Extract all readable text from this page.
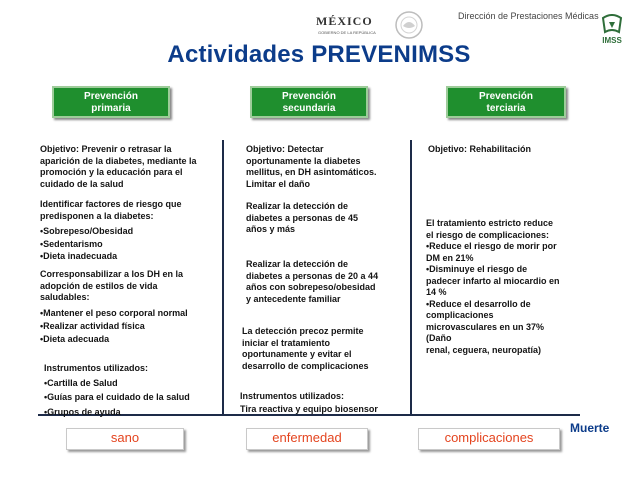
MÉXICO
GOBIERNO DE LA REPÚBLICA
Dirección de Prestaciones Médicas
IMSS
Actividades PREVENIMSS
Prevención
primaria
Prevención
secundaria
Prevención
terciaria
Objetivo: Prevenir o retrasar la
aparición de la diabetes, mediante la
promoción y la educación para el
cuidado de la salud
Identificar factores de riesgo que
predisponen a la diabetes:
•Sobrepeso/Obesidad
•Sedentarismo
•Dieta inadecuada
Corresponsabilizar a los DH en la
adopción de estilos de vida
saludables:
•Mantener el peso corporal normal
•Realizar actividad física
•Dieta adecuada
Instrumentos utilizados:
•Cartilla de Salud
•Guías para el cuidado de la salud
•Grupos de ayuda
Objetivo: Detectar
oportunamente la diabetes
mellitus, en DH asintomáticos.
Limitar el daño
Realizar la detección de
diabetes a personas de 45
años y más
Realizar la detección de
diabetes a personas de 20 a 44
años con sobrepeso/obesidad
y antecedente familiar
La detección precoz permite
iniciar el tratamiento
oportunamente y evitar el
desarrollo de complicaciones
Instrumentos utilizados:
Tira reactiva y equipo biosensor
Objetivo: Rehabilitación
El tratamiento estricto reduce
el riesgo de complicaciones:
•Reduce el riesgo de morir por
DM en 21%
•Disminuye el riesgo de
padecer infarto al miocardio en
14 %
•Reduce el desarrollo de
complicaciones
microvasculares en un 37%
(Daño
renal, ceguera, neuropatía)
sano	enfermedad	complicaciones
Muerte
